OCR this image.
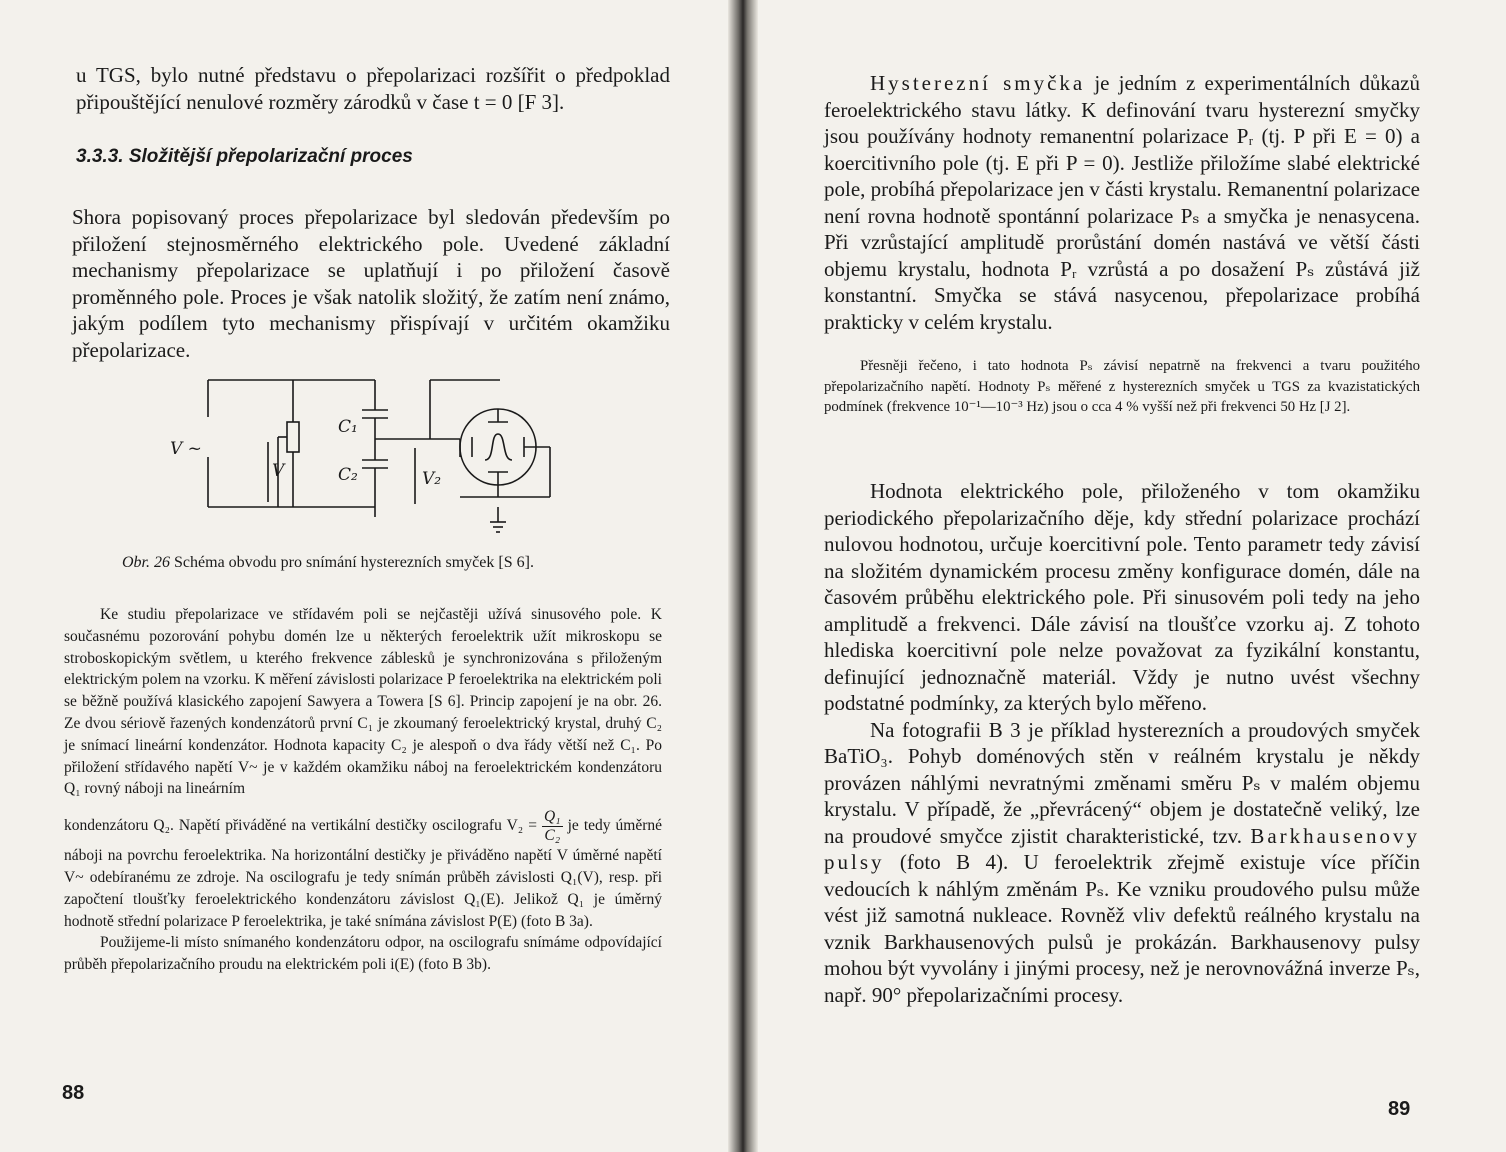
u TGS, bylo nutné představu o přepolarizaci rozšířit o předpoklad připouštějící nenulové rozměry zárodků v čase t = 0 [F 3].

3.3.3. Složitější přepolarizační proces

Shora popisovaný proces přepolarizace byl sledován především po přiložení stejnosměrného elektrického pole. Uvedené základní mechanismy přepolarizace se uplatňují i po přiložení časově proměnného pole. Proces je však natolik složitý, že zatím není známo, jakým podílem tyto mechanismy přispívají v určitém okamžiku přepolarizace.

V ~
V
C₁
C₂	V₂
Obr. 26 Schéma obvodu pro snímání hysterezních smyček [S 6].

Ke studiu přepolarizace ve střídavém poli se nejčastěji užívá sinusového pole. K současnému pozorování pohybu domén lze u některých feroelektrik užít mikroskopu se stroboskopickým světlem, u kterého frekvence záblesků je synchronizována s přiloženým elektrickým polem na vzorku. K měření závislosti polarizace P feroelektrika na elektrickém poli se běžně používá klasického zapojení Sawyera a Towera [S 6]. Princip zapojení je na obr. 26. Ze dvou sériově řazených kondenzátorů první C₁ je zkoumaný feroelektrický krystal, druhý C₂ je snímací lineární kondenzátor. Hodnota kapacity C₂ je alespoň o dva řády větší než C₁. Po přiložení střídavého napětí V~ je v každém okamžiku náboj na feroelektrickém kondenzátoru Q₁ rovný náboji na lineárním

kondenzátoru Q₂. Napětí přiváděné na vertikální destičky oscilografu $V_2 = \frac{\text{Q₁}}{\text{C₂}}$ je tedy úměrné náboji na povrchu feroelektrika. Na horizontální destičky je přiváděno napětí V úměrné napětí V~ odebíranému ze zdroje. Na oscilografu je tedy snímán průběh závislosti Q₁(V), resp. při započtení tloušťky feroelektrického kondenzátoru závislost Q₁(E). Jelikož Q₁ je úměrný hodnotě střední polarizace P feroelektrika, je také snímána závislost P(E) (foto B 3a).

Použijeme-li místo snímaného kondenzátoru odpor, na oscilografu snímáme odpovídající průběh přepolarizačního proudu na elektrickém poli i(E) (foto B 3b).

88

Hysterezní smyčka je jedním z experimentálních důkazů feroelektrického stavu látky. K definování tvaru hysterezní smyčky jsou používány hodnoty remanentní polarizace Pᵣ (tj. P při E = 0) a koercitivního pole (tj. E při P = 0). Jestliže přiložíme slabé elektrické pole, probíhá přepolarizace jen v části krystalu. Remanentní polarizace není rovna hodnotě spontánní polarizace Pₛ a smyčka je nenasycena. Při vzrůstající amplitudě prorůstání domén nastává ve větší části objemu krystalu, hodnota Pᵣ vzrůstá a po dosažení Pₛ zůstává již konstantní. Smyčka se stává nasycenou, přepolarizace probíhá prakticky v celém krystalu.

Přesněji řečeno, i tato hodnota Pₛ závisí nepatrně na frekvenci a tvaru použitého přepolarizačního napětí. Hodnoty Pₛ měřené z hysterezních smyček u TGS za kvazistatických podmínek (frekvence 10⁻¹—10⁻³ Hz) jsou o cca 4 % vyšší než při frekvenci 50 Hz [J 2].

Hodnota elektrického pole, přiloženého v tom okamžiku periodického přepolarizačního děje, kdy střední polarizace prochází nulovou hodnotou, určuje koercitivní pole. Tento parametr tedy závisí na složitém dynamickém procesu změny konfigurace domén, dále na časovém průběhu elektrického pole. Při sinusovém poli tedy na jeho amplitudě a frekvenci. Dále závisí na tloušťce vzorku aj. Z tohoto hlediska koercitivní pole nelze považovat za fyzikální konstantu, definující jednoznačně materiál. Vždy je nutno uvést všechny podstatné podmínky, za kterých bylo měřeno.

Na fotografii B 3 je příklad hysterezních a proudových smyček BaTiO₃. Pohyb doménových stěn v reálném krystalu je někdy provázen náhlými nevratnými změnami směru Pₛ v malém objemu krystalu. V případě, že „převrácený“ objem je dostatečně veliký, lze na proudové smyčce zjistit charakteristické, tzv. Barkhausenovy pulsy (foto B 4). U feroelektrik zřejmě existuje více příčin vedoucích k náhlým změnám Pₛ. Ke vzniku proudového pulsu může vést již samotná nukleace. Rovněž vliv defektů reálného krystalu na vznik Barkhausenových pulsů je prokázán. Barkhausenovy pulsy mohou být vyvolány i jinými procesy, než je nerovnovážná inverze Pₛ, např. 90° přepolarizačními procesy.

89
